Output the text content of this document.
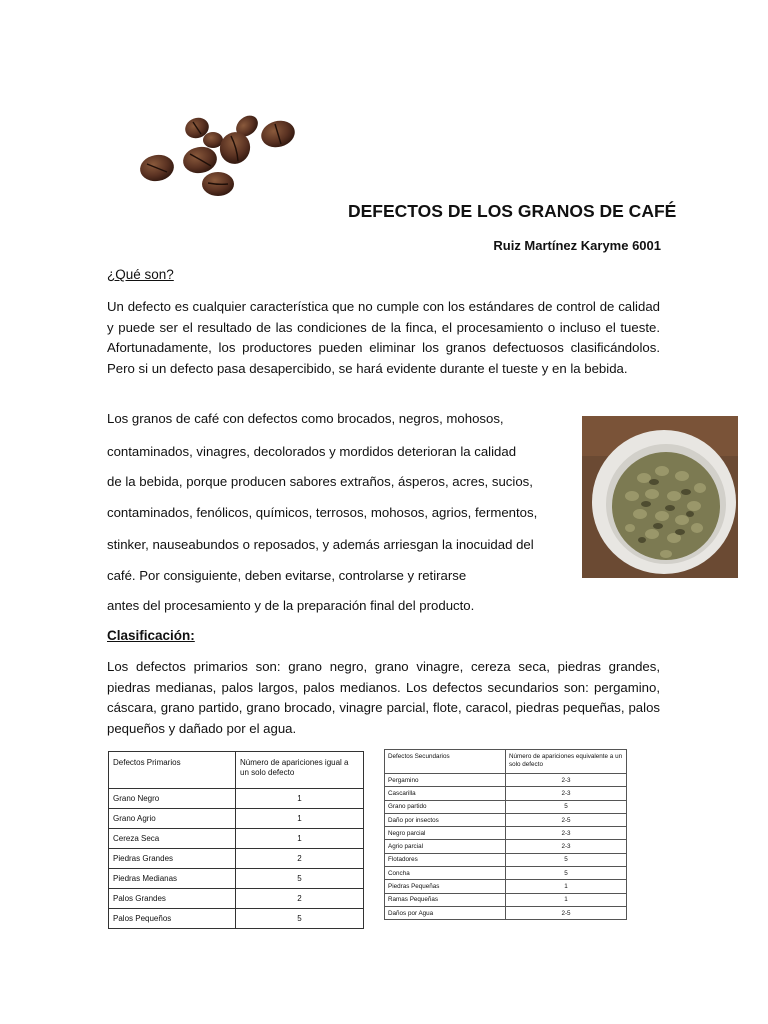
DEFECTOS DE LOS GRANOS DE CAFÉ
Ruiz Martínez Karyme 6001
¿Qué son?
Un defecto es cualquier característica que no cumple con los estándares de control de calidad y puede ser el resultado de las condiciones de la finca, el procesamiento o incluso el tueste. Afortunadamente, los productores pueden eliminar los granos defectuosos clasificándolos. Pero si un defecto pasa desapercibido, se hará evidente durante el tueste y en la bebida.
Los granos de café con defectos como brocados, negros, mohosos,
contaminados, vinagres, decolorados y mordidos deterioran la calidad
de la bebida, porque producen sabores extraños, ásperos, acres, sucios,
contaminados, fenólicos, químicos, terrosos, mohosos, agrios, fermentos,
stinker, nauseabundos o reposados, y además arriesgan la inocuidad del
café. Por consiguiente, deben evitarse, controlarse y retirarse
antes del procesamiento y de la preparación final del producto.
Clasificación:
Los defectos primarios son: grano negro, grano vinagre, cereza seca, piedras grandes, piedras medianas, palos largos, palos medianos. Los defectos secundarios son: pergamino, cáscara, grano partido, grano brocado, vinagre parcial, flote, caracol, piedras pequeñas, palos pequeños y dañado por el agua.
Defectos Primarios	Número de apariciones igual a un solo defecto
Grano Negro	1
Grano Agrio	1
Cereza Seca	1
Piedras Grandes	2
Piedras Medianas	5
Palos Grandes	2
Palos Pequeños	5
Defectos Secundarios	Número de apariciones equivalente a un solo defecto
Pergamino	2-3
Cascarilla	2-3
Grano partido	5
Daño por insectos	2-5
Negro parcial	2-3
Agrio parcial	2-3
Flotadores	5
Concha	5
Piedras Pequeñas	1
Ramas Pequeñas	1
Daños por Agua	2-5
